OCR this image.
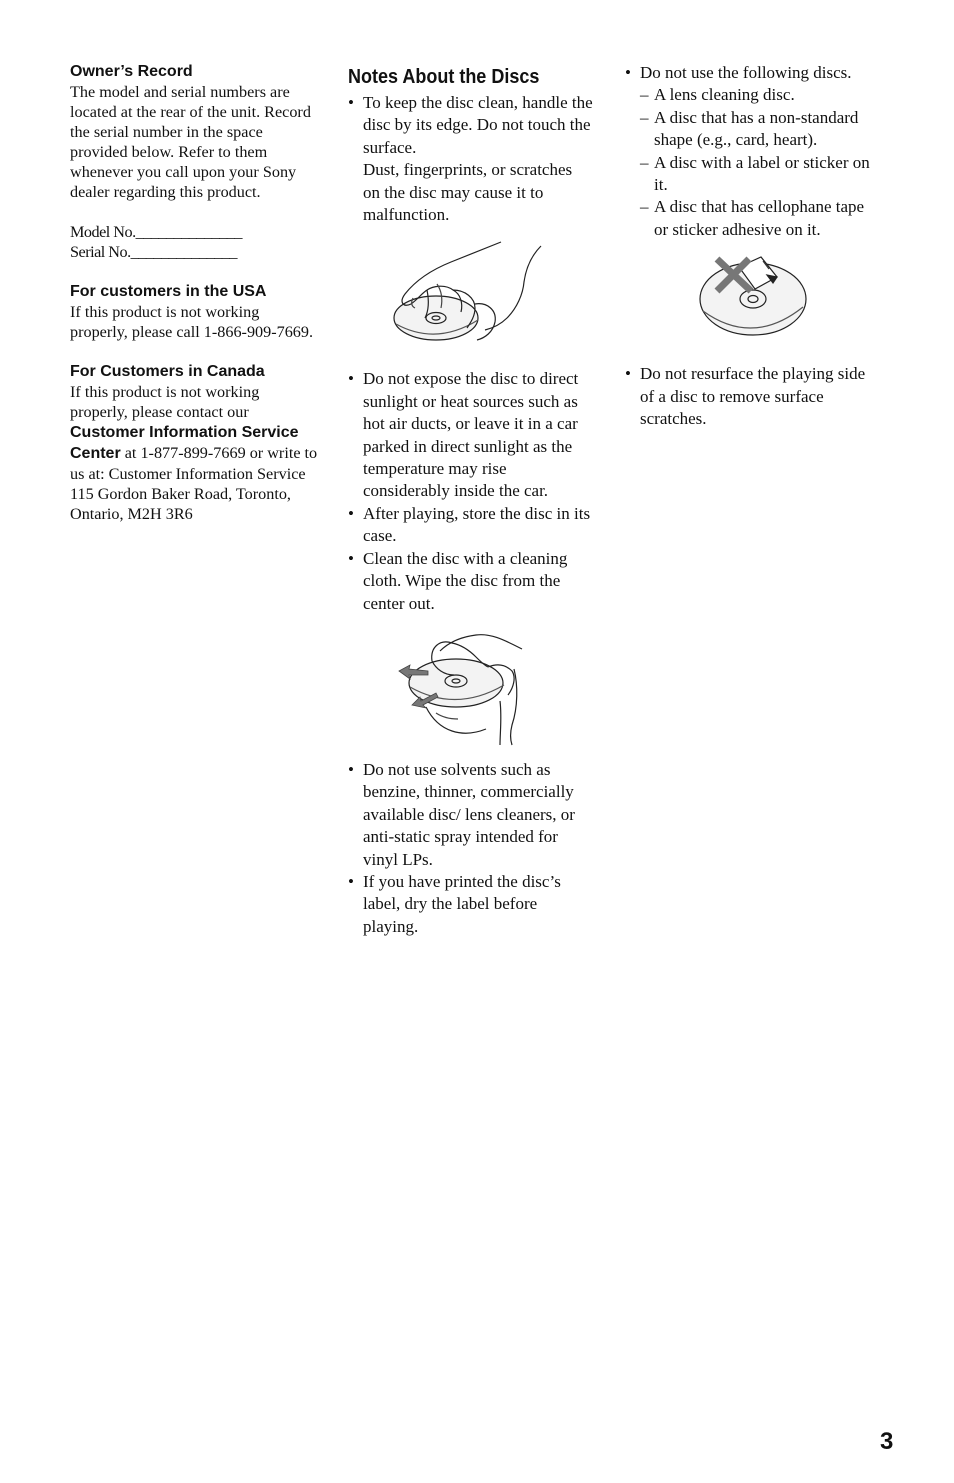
Owner’s Record
The model and serial numbers are located at the rear of the unit. Record the serial number in the space provided below. Refer to them whenever you call upon your Sony dealer regarding this product.
Model No.______________
Serial No.______________
For customers in the USA
If this product is not working properly, please call 1-866-909-7669.
For Customers in Canada
If this product is not working properly, please contact our Customer Information Service Center at 1-877-899-7669 or write to us at: Customer Information Service 115 Gordon Baker Road, Toronto, Ontario, M2H 3R6
Notes About the Discs
• To keep the disc clean, handle the disc by its edge. Do not touch the surface.
Dust, fingerprints, or scratches on the disc may cause it to malfunction.
• Do not expose the disc to direct sunlight or heat sources such as hot air ducts, or leave it in a car parked in direct sunlight as the temperature may rise considerably inside the car.
• After playing, store the disc in its case.
• Clean the disc with a cleaning cloth. Wipe the disc from the center out.
• Do not use solvents such as benzine, thinner, commercially available disc/ lens cleaners, or anti-static spray intended for vinyl LPs.
• If you have printed the disc’s label, dry the label before playing.
• Do not use the following discs.
– A lens cleaning disc.
– A disc that has a non-standard shape (e.g., card, heart).
– A disc with a label or sticker on it.
– A disc that has cellophane tape or sticker adhesive on it.
• Do not resurface the playing side of a disc to remove surface scratches.
3
